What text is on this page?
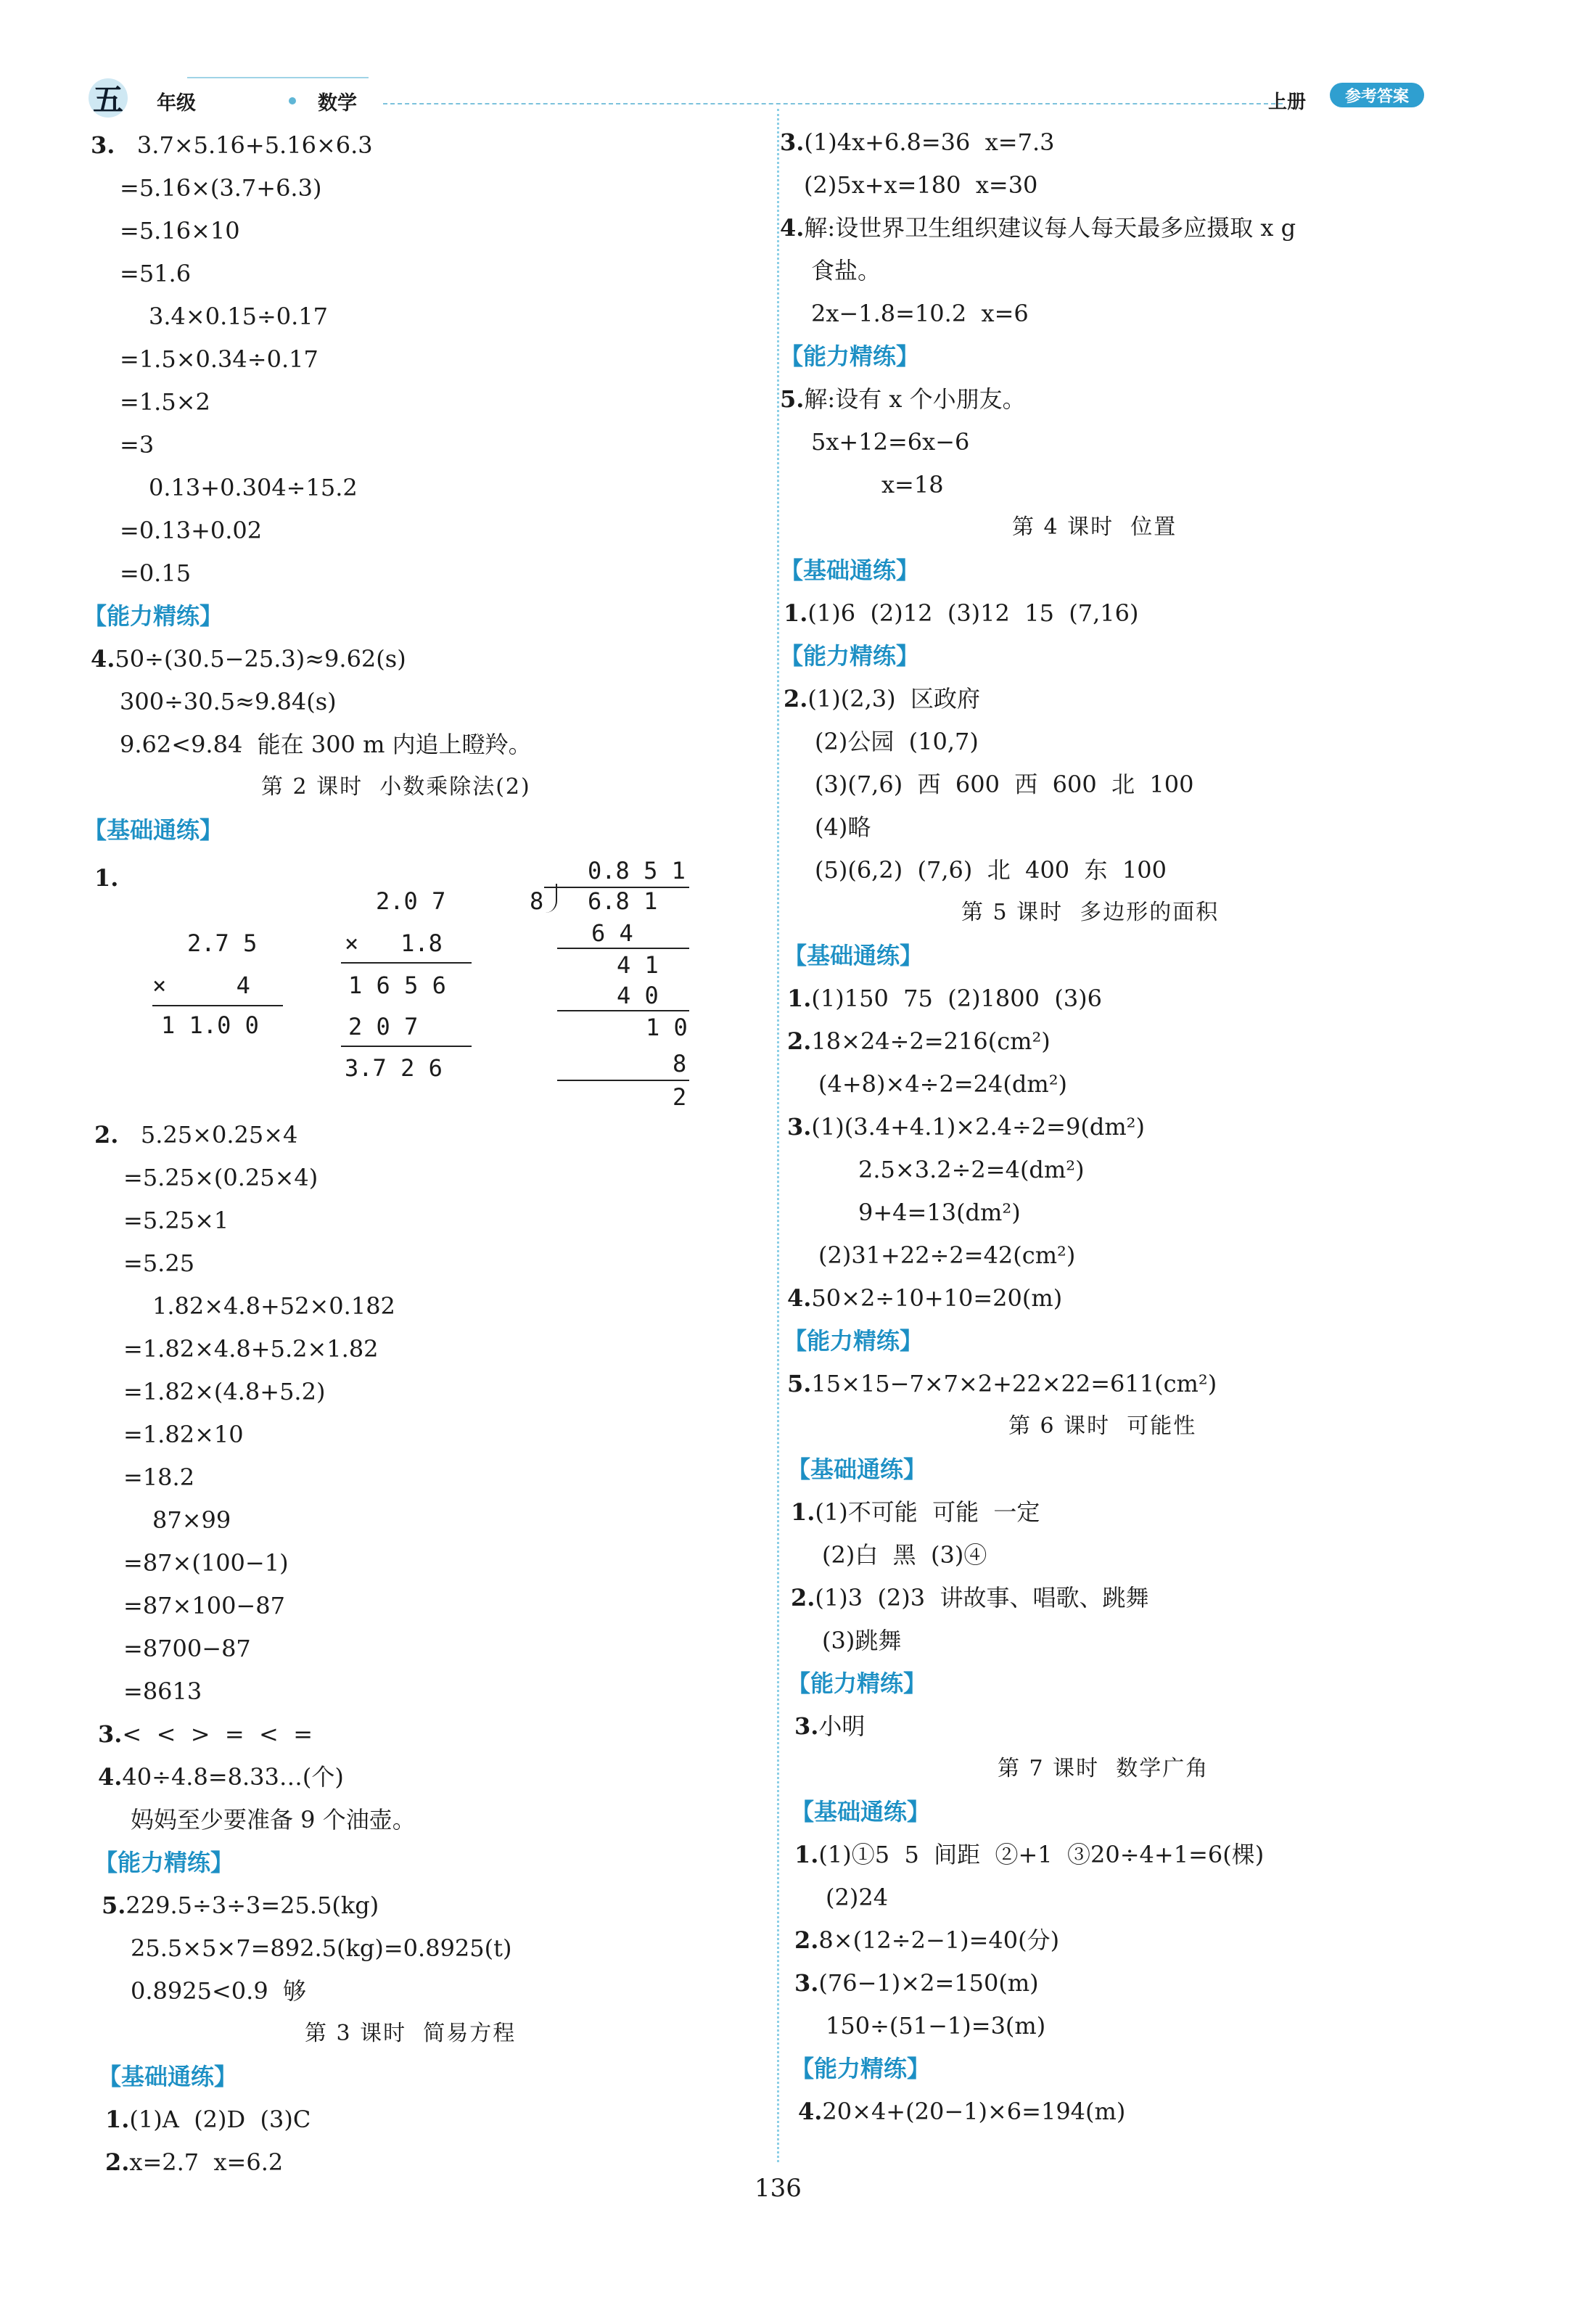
五 年级	数学	上册	参考答案
3. 3.7×5.16+5.16×6.3
=5.16×(3.7+6.3)
=5.16×10
=51.6
3.4×0.15÷0.17
=1.5×0.34÷0.17
=1.5×2
=3
0.13+0.304÷15.2
=0.13+0.02
=0.15
【能力精练】
4.50÷(30.5−25.3)≈9.62(s)
300÷30.5≈9.84(s)
9.62<9.84  能在 300 m 内追上瞪羚。
第 2 课时  小数乘除法(2)
【基础通练】
1.
2.7 5
×     4
1 1.0 0
2.0 7
×   1.8
1 6 5 6
2 0 7
3.7 2 6
0.8 5 1
8 6.8 1
6 4
4 1
4 0
1 0
8
2
2. 5.25×0.25×4
=5.25×(0.25×4)
=5.25×1
=5.25
1.82×4.8+52×0.182
=1.82×4.8+5.2×1.82
=1.82×(4.8+5.2)
=1.82×10
=18.2
87×99
=87×(100−1)
=87×100−87
=8700−87
=8613
3.<  <  >  =  <  =
4.40÷4.8=8.33…(个)
妈妈至少要准备 9 个油壶。
【能力精练】
5.229.5÷3÷3=25.5(kg)
25.5×5×7=892.5(kg)=0.8925(t)
0.8925<0.9  够
第 3 课时  简易方程
【基础通练】
1.(1)A  (2)D  (3)C
2.x=2.7  x=6.2
3.(1)4x+6.8=36  x=7.3
(2)5x+x=180  x=30
4.解:设世界卫生组织建议每人每天最多应摄取 x g
食盐。
2x−1.8=10.2  x=6
【能力精练】
5.解:设有 x 个小朋友。
5x+12=6x−6
x=18
第 4 课时  位置
【基础通练】
1.(1)6  (2)12  (3)12  15  (7,16)
【能力精练】
2.(1)(2,3)  区政府
(2)公园  (10,7)
(3)(7,6)  西  600  西  600  北  100
(4)略
(5)(6,2)  (7,6)  北  400  东  100
第 5 课时  多边形的面积
【基础通练】
1.(1)150  75  (2)1800  (3)6
2.18×24÷2=216(cm²)
(4+8)×4÷2=24(dm²)
3.(1)(3.4+4.1)×2.4÷2=9(dm²)
2.5×3.2÷2=4(dm²)
9+4=13(dm²)
(2)31+22÷2=42(cm²)
4.50×2÷10+10=20(m)
【能力精练】
5.15×15−7×7×2+22×22=611(cm²)
第 6 课时  可能性
【基础通练】
1.(1)不可能  可能  一定
(2)白  黑  (3)④
2.(1)3  (2)3  讲故事、唱歌、跳舞
(3)跳舞
【能力精练】
3.小明
第 7 课时  数学广角
【基础通练】
1.(1)①5  5  间距  ②+1  ③20÷4+1=6(棵)
(2)24
2.8×(12÷2−1)=40(分)
3.(76−1)×2=150(m)
150÷(51−1)=3(m)
【能力精练】
4.20×4+(20−1)×6=194(m)
136
